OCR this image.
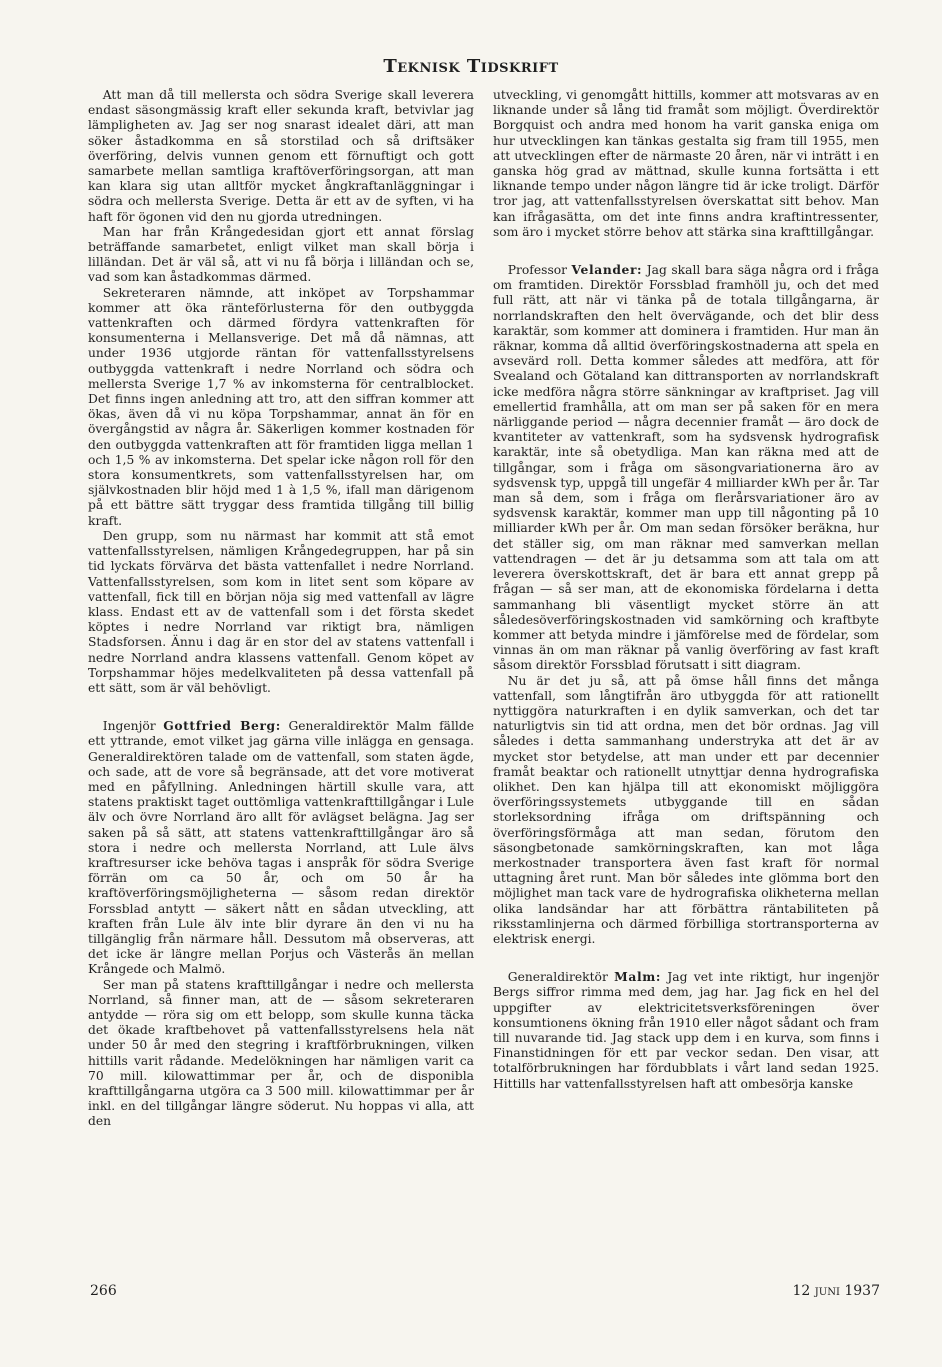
Teknisk Tidskrift

Att man då till mellersta och södra Sverige skall leverera endast säsongmässig kraft eller sekunda kraft, betvivlar jag lämpligheten av. Jag ser nog snarast idealet däri, att man söker åstadkomma en så storstilad och så driftsäker överföring, delvis vunnen genom ett förnuftigt och gott samarbete mellan samtliga kraftöverföringsorgan, att man kan klara sig utan alltför mycket ångkraftanläggningar i södra och mellersta Sverige. Detta är ett av de syften, vi ha haft för ögonen vid den nu gjorda utredningen.

Man har från Krångedesidan gjort ett annat förslag beträffande samarbetet, enligt vilket man skall börja i lilländan. Det är väl så, att vi nu få börja i lilländan och se, vad som kan åstadkommas därmed.

Sekreteraren nämnde, att inköpet av Torpshammar kommer att öka ränteförlusterna för den outbyggda vattenkraften och därmed fördyra vattenkraften för konsumenterna i Mellansverige. Det må då nämnas, att under 1936 utgjorde räntan för vattenfallsstyrelsens outbyggda vattenkraft i nedre Norrland och södra och mellersta Sverige 1,7 % av inkomsterna för centralblocket. Det finns ingen anledning att tro, att den siffran kommer att ökas, även då vi nu köpa Torpshammar, annat än för en övergångstid av några år. Säkerligen kommer kostnaden för den outbyggda vattenkraften att för framtiden ligga mellan 1 och 1,5 % av inkomsterna. Det spelar icke någon roll för den stora konsumentkrets, som vattenfallsstyrelsen har, om självkostnaden blir höjd med 1 à 1,5 %, ifall man därigenom på ett bättre sätt tryggar dess framtida tillgång till billig kraft.

Den grupp, som nu närmast har kommit att stå emot vattenfallsstyrelsen, nämligen Krångedegruppen, har på sin tid lyckats förvärva det bästa vattenfallet i nedre Norrland. Vattenfallsstyrelsen, som kom in litet sent som köpare av vattenfall, fick till en början nöja sig med vattenfall av lägre klass. Endast ett av de vattenfall som i det första skedet köptes i nedre Norrland var riktigt bra, nämligen Stadsforsen. Ännu i dag är en stor del av statens vattenfall i nedre Norrland andra klassens vattenfall. Genom köpet av Torpshammar höjes medelkvaliteten på dessa vattenfall på ett sätt, som är väl behövligt.

Ingenjör Gottfried Berg: Generaldirektör Malm fällde ett yttrande, emot vilket jag gärna ville inlägga en gensaga. Generaldirektören talade om de vattenfall, som staten ägde, och sade, att de vore så begränsade, att det vore motiverat med en påfyllning. Anledningen härtill skulle vara, att statens praktiskt taget outtömliga vattenkrafttillgångar i Lule älv och övre Norrland äro allt för avlägset belägna. Jag ser saken på så sätt, att statens vattenkrafttillgångar äro så stora i nedre och mellersta Norrland, att Lule älvs kraftresurser icke behöva tagas i anspråk för södra Sverige förrän om ca 50 år, och om 50 år ha kraftöverföringsmöjligheterna — såsom redan direktör Forssblad antytt — säkert nått en sådan utveckling, att kraften från Lule älv inte blir dyrare än den vi nu ha tillgänglig från närmare håll. Dessutom må observeras, att det icke är längre mellan Porjus och Västerås än mellan Krångede och Malmö.

Ser man på statens krafttillgångar i nedre och mellersta Norrland, så finner man, att de — såsom sekreteraren antydde — röra sig om ett belopp, som skulle kunna täcka det ökade kraftbehovet på vattenfallsstyrelsens hela nät under 50 år med den stegring i kraftförbrukningen, vilken hittills varit rådande. Medelökningen har nämligen varit ca 70 mill. kilowattimmar per år, och de disponibla krafttillgångarna utgöra ca 3 500 mill. kilowattimmar per år inkl. en del tillgångar längre söderut. Nu hoppas vi alla, att den

utveckling, vi genomgått hittills, kommer att motsvaras av en liknande under så lång tid framåt som möjligt. Överdirektör Borgquist och andra med honom ha varit ganska eniga om hur utvecklingen kan tänkas gestalta sig fram till 1955, men att utvecklingen efter de närmaste 20 åren, när vi inträtt i en ganska hög grad av mättnad, skulle kunna fortsätta i ett liknande tempo under någon längre tid är icke troligt. Därför tror jag, att vattenfallsstyrelsen överskattat sitt behov. Man kan ifrågasätta, om det inte finns andra kraftintressenter, som äro i mycket större behov att stärka sina krafttillgångar.

Professor Velander: Jag skall bara säga några ord i fråga om framtiden. Direktör Forssblad framhöll ju, och det med full rätt, att när vi tänka på de totala tillgångarna, är norrlandskraften den helt övervägande, och det blir dess karaktär, som kommer att dominera i framtiden. Hur man än räknar, komma då alltid överföringskostnaderna att spela en avsevärd roll. Detta kommer således att medföra, att för Svealand och Götaland kan dittransporten av norrlandskraft icke medföra några större sänkningar av kraftpriset. Jag vill emellertid framhålla, att om man ser på saken för en mera närliggande period — några decennier framåt — äro dock de kvantiteter av vattenkraft, som ha sydsvensk hydrografisk karaktär, inte så obetydliga. Man kan räkna med att de tillgångar, som i fråga om säsongvariationerna äro av sydsvensk typ, uppgå till ungefär 4 milliarder kWh per år. Tar man så dem, som i fråga om flerårsvariationer äro av sydsvensk karaktär, kommer man upp till någonting på 10 milliarder kWh per år. Om man sedan försöker beräkna, hur det ställer sig, om man räknar med samverkan mellan vattendragen — det är ju detsamma som att tala om att leverera överskottskraft, det är bara ett annat grepp på frågan — så ser man, att de ekonomiska fördelarna i detta sammanhang bli väsentligt mycket större än att såledesöverföringskostnaden vid samkörning och kraftbyte kommer att betyda mindre i jämförelse med de fördelar, som vinnas än om man räknar på vanlig överföring av fast kraft såsom direktör Forssblad förutsatt i sitt diagram.

Nu är det ju så, att på ömse håll finns det många vattenfall, som långtifrån äro utbyggda för att rationellt nyttiggöra naturkraften i en dylik samverkan, och det tar naturligtvis sin tid att ordna, men det bör ordnas. Jag vill således i detta sammanhang understryka att det är av mycket stor betydelse, att man under ett par decennier framåt beaktar och rationellt utnyttjar denna hydrografiska olikhet. Den kan hjälpa till att ekonomiskt möjliggöra överföringssystemets utbyggande till en sådan storleksordning ifråga om driftspänning och överföringsförmåga att man sedan, förutom den säsongbetonade samkörningskraften, kan mot låga merkostnader transportera även fast kraft för normal uttagning året runt. Man bör således inte glömma bort den möjlighet man tack vare de hydrografiska olikheterna mellan olika landsändar har att förbättra räntabiliteten på riksstamlinjerna och därmed förbilliga stortransporterna av elektrisk energi.

Generaldirektör Malm: Jag vet inte riktigt, hur ingenjör Bergs siffror rimma med dem, jag har. Jag fick en hel del uppgifter av elektricitetsverksföreningen över konsumtionens ökning från 1910 eller något sådant och fram till nuvarande tid. Jag stack upp dem i en kurva, som finns i Finanstidningen för ett par veckor sedan. Den visar, att totalförbrukningen har fördubblats i vårt land sedan 1925. Hittills har vattenfallsstyrelsen haft att ombesörja kanske

266	12 juni 1937
